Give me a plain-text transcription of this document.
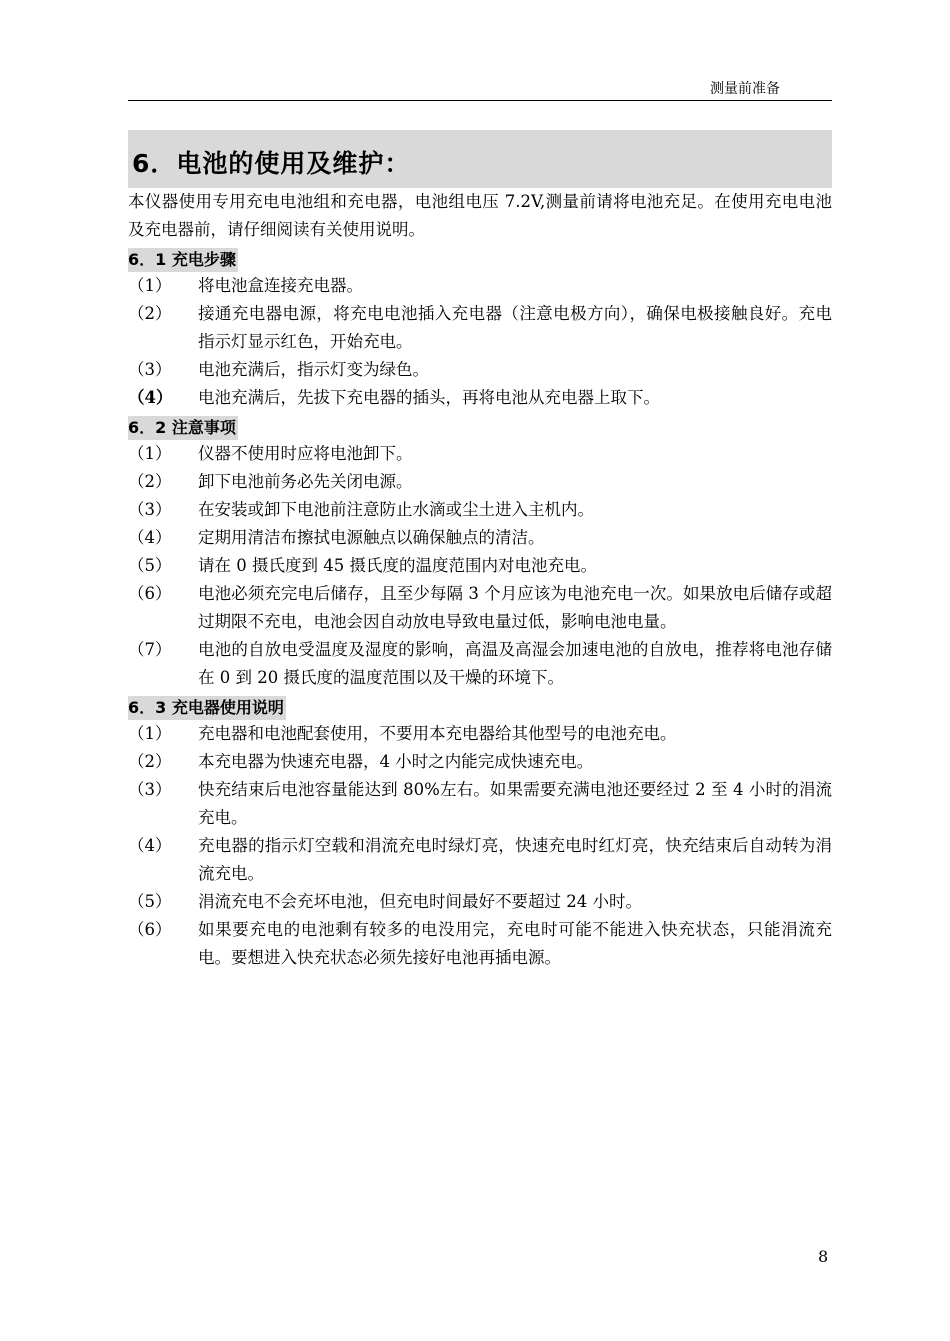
测量前准备
6．电池的使用及维护：

本仪器使用专用充电电池组和充电器，电池组电压 7.2V,测量前请将电池充足。在使用充电电池及充电器前，请仔细阅读有关使用说明。

6．1 充电步骤

（1）	将电池盒连接充电器。

（2）	接通充电器电源，将充电电池插入充电器（注意电极方向），确保电极接触良好。充电指示灯显示红色，开始充电。

（3）	电池充满后，指示灯变为绿色。

（4）	电池充满后，先拔下充电器的插头，再将电池从充电器上取下。

6．2 注意事项

（1）	仪器不使用时应将电池卸下。

（2）	卸下电池前务必先关闭电源。

（3）	在安装或卸下电池前注意防止水滴或尘土进入主机内。

（4）	定期用清洁布擦拭电源触点以确保触点的清洁。

（5）	请在 0 摄氏度到 45 摄氏度的温度范围内对电池充电。

（6）	电池必须充完电后储存，且至少每隔 3 个月应该为电池充电一次。如果放电后储存或超过期限不充电，电池会因自动放电导致电量过低，影响电池电量。

（7）	电池的自放电受温度及湿度的影响，高温及高湿会加速电池的自放电，推荐将电池存储在 0 到 20 摄氏度的温度范围以及干燥的环境下。

6．3 充电器使用说明

（1）	充电器和电池配套使用，不要用本充电器给其他型号的电池充电。

（2）	本充电器为快速充电器，4 小时之内能完成快速充电。

（3）	快充结束后电池容量能达到 80%左右。如果需要充满电池还要经过 2 至 4 小时的涓流充电。

（4）	充电器的指示灯空载和涓流充电时绿灯亮，快速充电时红灯亮，快充结束后自动转为涓流充电。

（5）	涓流充电不会充坏电池，但充电时间最好不要超过 24 小时。

（6）	如果要充电的电池剩有较多的电没用完，充电时可能不能进入快充状态，只能涓流充电。要想进入快充状态必须先接好电池再插电源。

8
